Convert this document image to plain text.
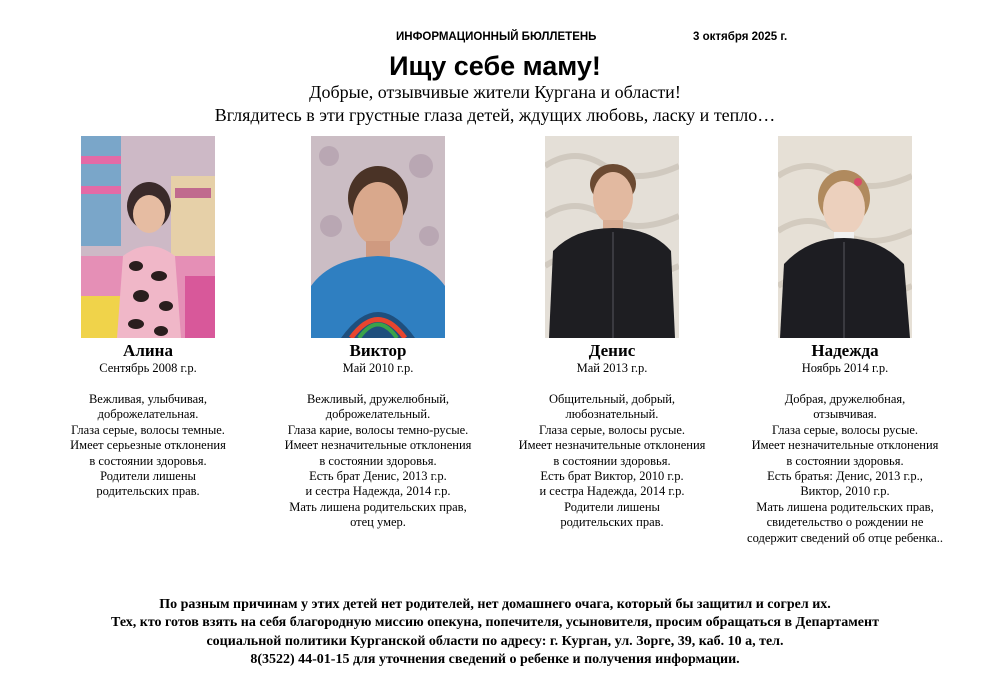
ИНФОРМАЦИОННЫЙ БЮЛЛЕТЕНЬ	3 октября 2025 г.
Ищу себе маму!
Добрые, отзывчивые жители Кургана и области!
Вглядитесь в эти грустные глаза детей, ждущих любовь, ласку и тепло…
Алина
Сентябрь 2008 г.р.
Вежливая, улыбчивая,
доброжелательная.
Глаза серые, волосы темные.
Имеет серьезные отклонения
в состоянии здоровья.
Родители лишены
родительских прав.
Виктор
Май 2010 г.р.
Вежливый, дружелюбный,
доброжелательный.
Глаза карие, волосы темно-русые.
Имеет незначительные отклонения
в состоянии здоровья.
Есть брат Денис, 2013 г.р.
и сестра Надежда, 2014 г.р.
Мать лишена родительских прав,
отец умер.
Денис
Май 2013 г.р.
Общительный, добрый,
любознательный.
Глаза серые, волосы русые.
Имеет незначительные отклонения
в состоянии здоровья.
Есть брат Виктор, 2010 г.р.
и сестра Надежда, 2014 г.р.
Родители лишены
родительских прав.
Надежда
Ноябрь 2014 г.р.
Добрая, дружелюбная,
отзывчивая.
Глаза серые, волосы русые.
Имеет незначительные отклонения
в состоянии здоровья.
Есть братья: Денис, 2013 г.р.,
Виктор, 2010 г.р.
Мать лишена родительских прав,
свидетельство о рождении не
содержит сведений об отце ребенка..
По разным причинам у этих детей нет родителей, нет домашнего очага, который бы защитил и согрел их.
Тех, кто готов взять на себя благородную миссию опекуна, попечителя, усыновителя, просим обращаться в Департамент
социальной политики Курганской области по адресу: г. Курган, ул. Зорге, 39, каб. 10 а, тел.
8(3522) 44-01-15 для уточнения сведений о ребенке и получения информации.
